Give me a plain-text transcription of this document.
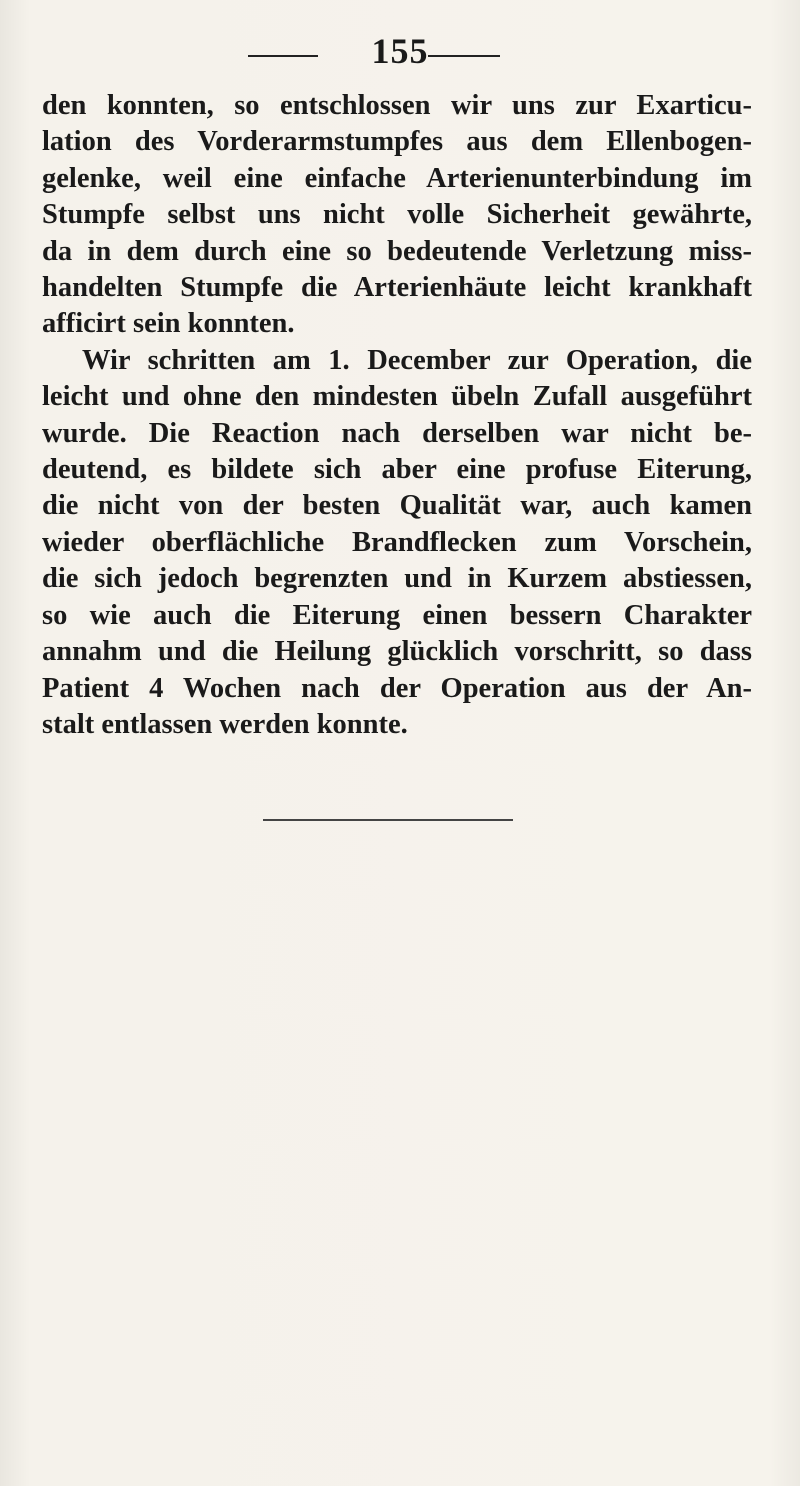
155
den konnten, so entschlossen wir uns zur Exarticu-
lation des Vorderarmstumpfes aus dem Ellenbogen-
gelenke, weil eine einfache Arterienunterbindung im
Stumpfe selbst uns nicht volle Sicherheit gewährte,
da in dem durch eine so bedeutende Verletzung miss-
handelten Stumpfe die Arterienhäute leicht krankhaft
afficirt sein konnten.
Wir schritten am 1. December zur Operation, die
leicht und ohne den mindesten übeln Zufall ausgeführt
wurde. Die Reaction nach derselben war nicht be-
deutend, es bildete sich aber eine profuse Eiterung,
die nicht von der besten Qualität war, auch kamen
wieder oberflächliche Brandflecken zum Vorschein,
die sich jedoch begrenzten und in Kurzem abstiessen,
so wie auch die Eiterung einen bessern Charakter
annahm und die Heilung glücklich vorschritt, so dass
Patient 4 Wochen nach der Operation aus der An-
stalt entlassen werden konnte.
